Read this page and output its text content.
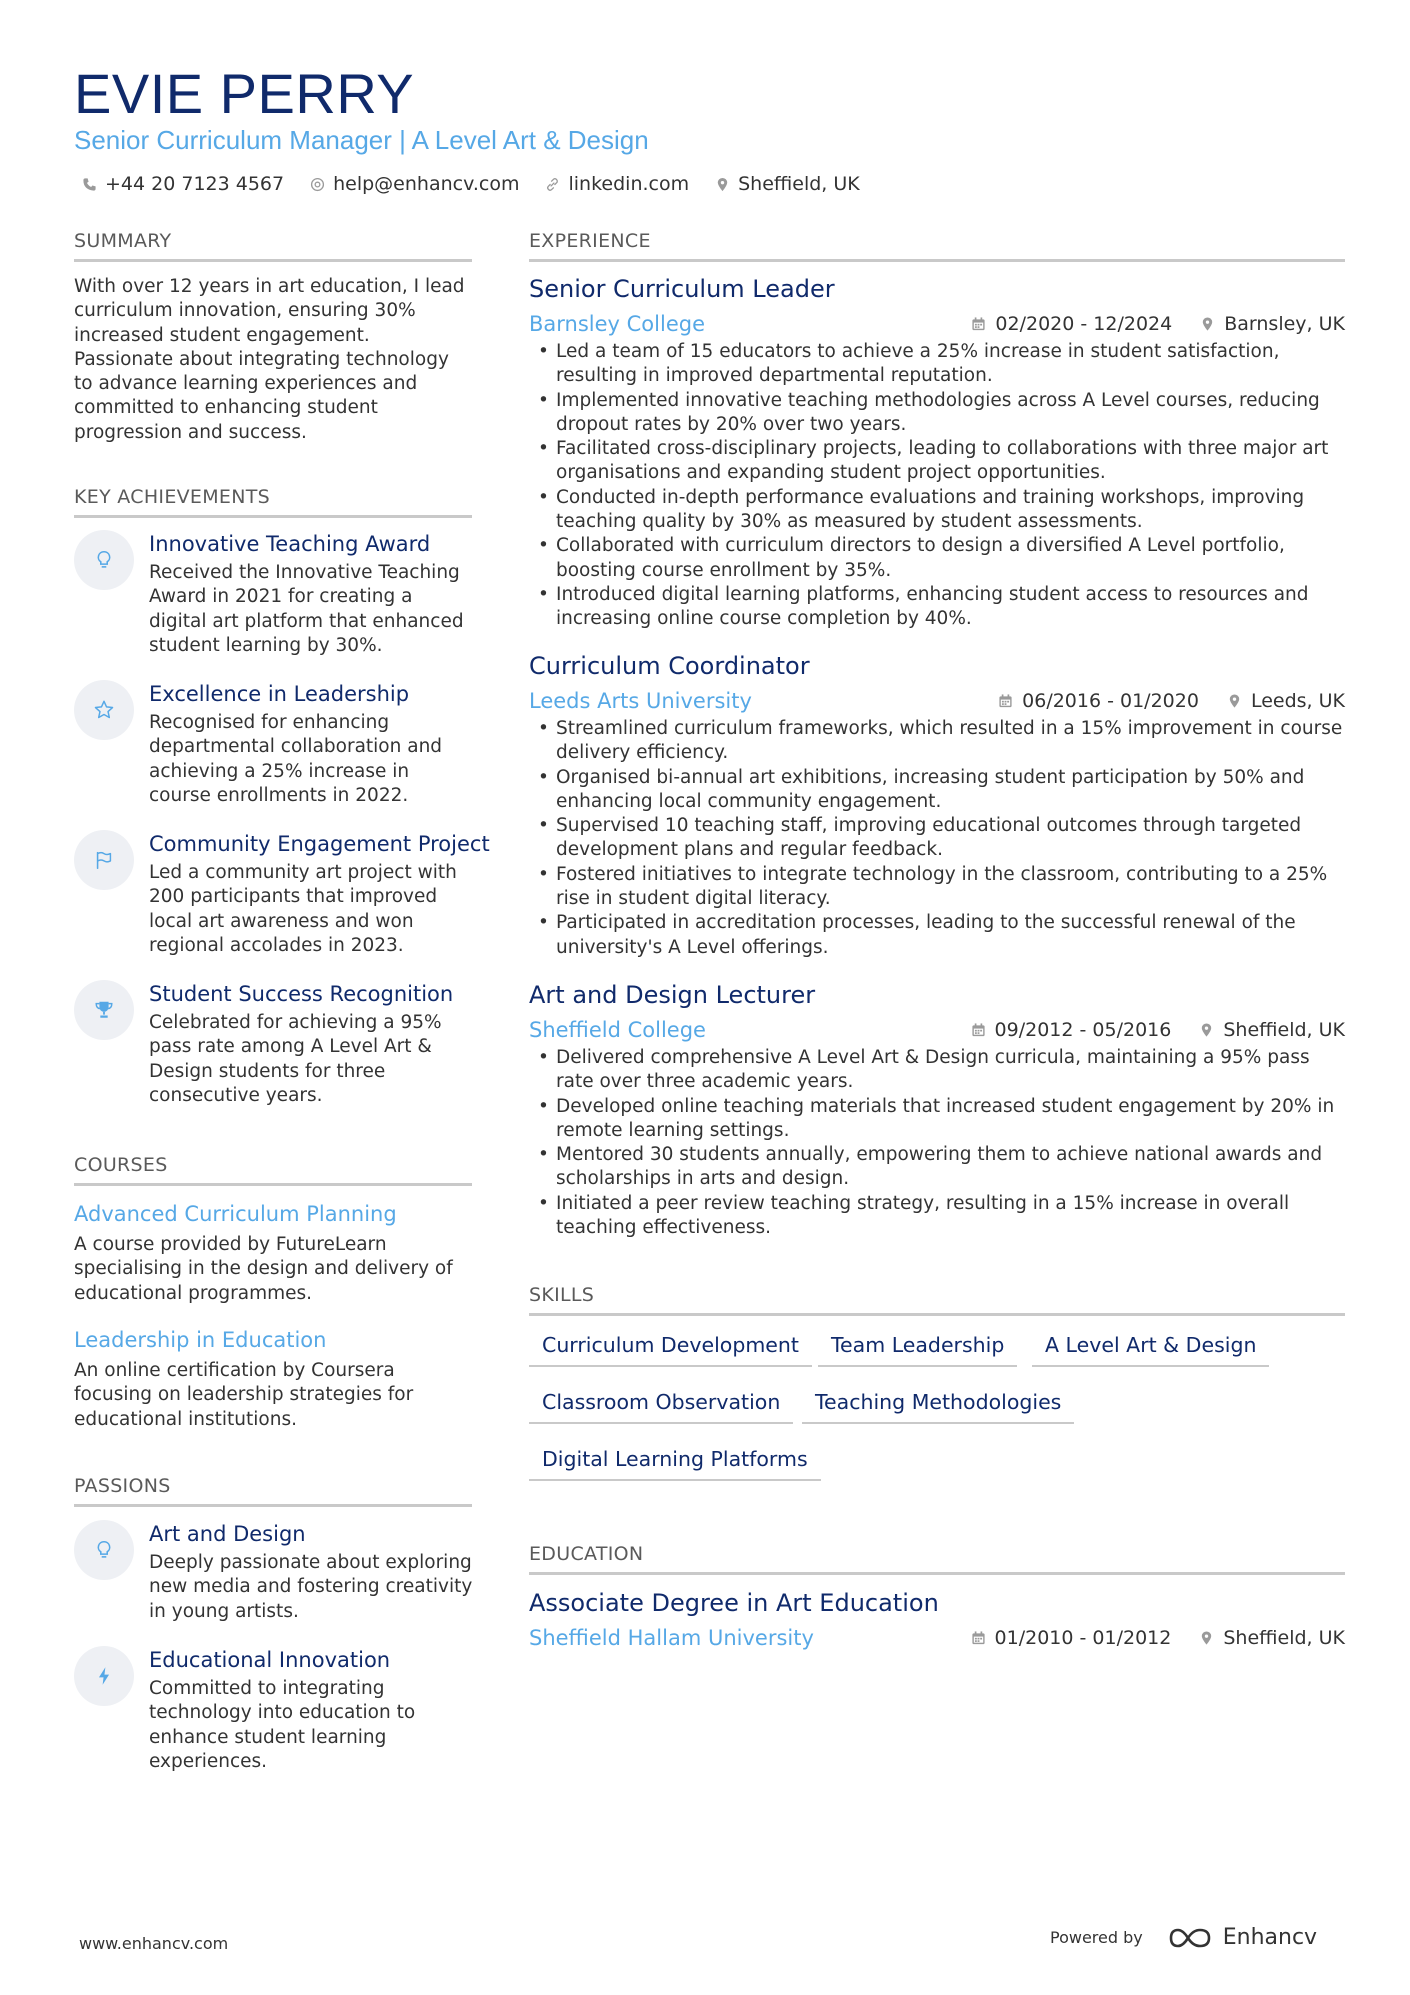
EVIE PERRY
Senior Curriculum Manager | A Level Art & Design
+44 20 7123 4567	help@enhancv.com	linkedin.com	Sheffield, UK
SUMMARY
With over 12 years in art education, I lead curriculum innovation, ensuring 30% increased student engagement. Passionate about integrating technology to advance learning experiences and committed to enhancing student progression and success.
KEY ACHIEVEMENTS
Innovative Teaching Award
Received the Innovative Teaching Award in 2021 for creating a digital art platform that enhanced student learning by 30%.
Excellence in Leadership
Recognised for enhancing departmental collaboration and achieving a 25% increase in course enrollments in 2022.
Community Engagement Project
Led a community art project with 200 participants that improved local art awareness and won regional accolades in 2023.
Student Success Recognition
Celebrated for achieving a 95% pass rate among A Level Art & Design students for three consecutive years.
COURSES
Advanced Curriculum Planning
A course provided by FutureLearn specialising in the design and delivery of educational programmes.
Leadership in Education
An online certification by Coursera focusing on leadership strategies for educational institutions.
PASSIONS
Art and Design
Deeply passionate about exploring new media and fostering creativity in young artists.
Educational Innovation
Committed to integrating technology into education to enhance student learning experiences.
EXPERIENCE
Senior Curriculum Leader
Barnsley College	02/2020 - 12/2024	Barnsley, UK
• Led a team of 15 educators to achieve a 25% increase in student satisfaction, resulting in improved departmental reputation.
• Implemented innovative teaching methodologies across A Level courses, reducing dropout rates by 20% over two years.
• Facilitated cross-disciplinary projects, leading to collaborations with three major art organisations and expanding student project opportunities.
• Conducted in-depth performance evaluations and training workshops, improving teaching quality by 30% as measured by student assessments.
• Collaborated with curriculum directors to design a diversified A Level portfolio, boosting course enrollment by 35%.
• Introduced digital learning platforms, enhancing student access to resources and increasing online course completion by 40%.
Curriculum Coordinator
Leeds Arts University	06/2016 - 01/2020	Leeds, UK
• Streamlined curriculum frameworks, which resulted in a 15% improvement in course delivery efficiency.
• Organised bi-annual art exhibitions, increasing student participation by 50% and enhancing local community engagement.
• Supervised 10 teaching staff, improving educational outcomes through targeted development plans and regular feedback.
• Fostered initiatives to integrate technology in the classroom, contributing to a 25% rise in student digital literacy.
• Participated in accreditation processes, leading to the successful renewal of the university's A Level offerings.
Art and Design Lecturer
Sheffield College	09/2012 - 05/2016	Sheffield, UK
• Delivered comprehensive A Level Art & Design curricula, maintaining a 95% pass rate over three academic years.
• Developed online teaching materials that increased student engagement by 20% in remote learning settings.
• Mentored 30 students annually, empowering them to achieve national awards and scholarships in arts and design.
• Initiated a peer review teaching strategy, resulting in a 15% increase in overall teaching effectiveness.
SKILLS
Curriculum Development	Team Leadership	A Level Art & Design
Classroom Observation	Teaching Methodologies
Digital Learning Platforms
EDUCATION
Associate Degree in Art Education
Sheffield Hallam University	01/2010 - 01/2012	Sheffield, UK
www.enhancv.com	Powered by	Enhancv
